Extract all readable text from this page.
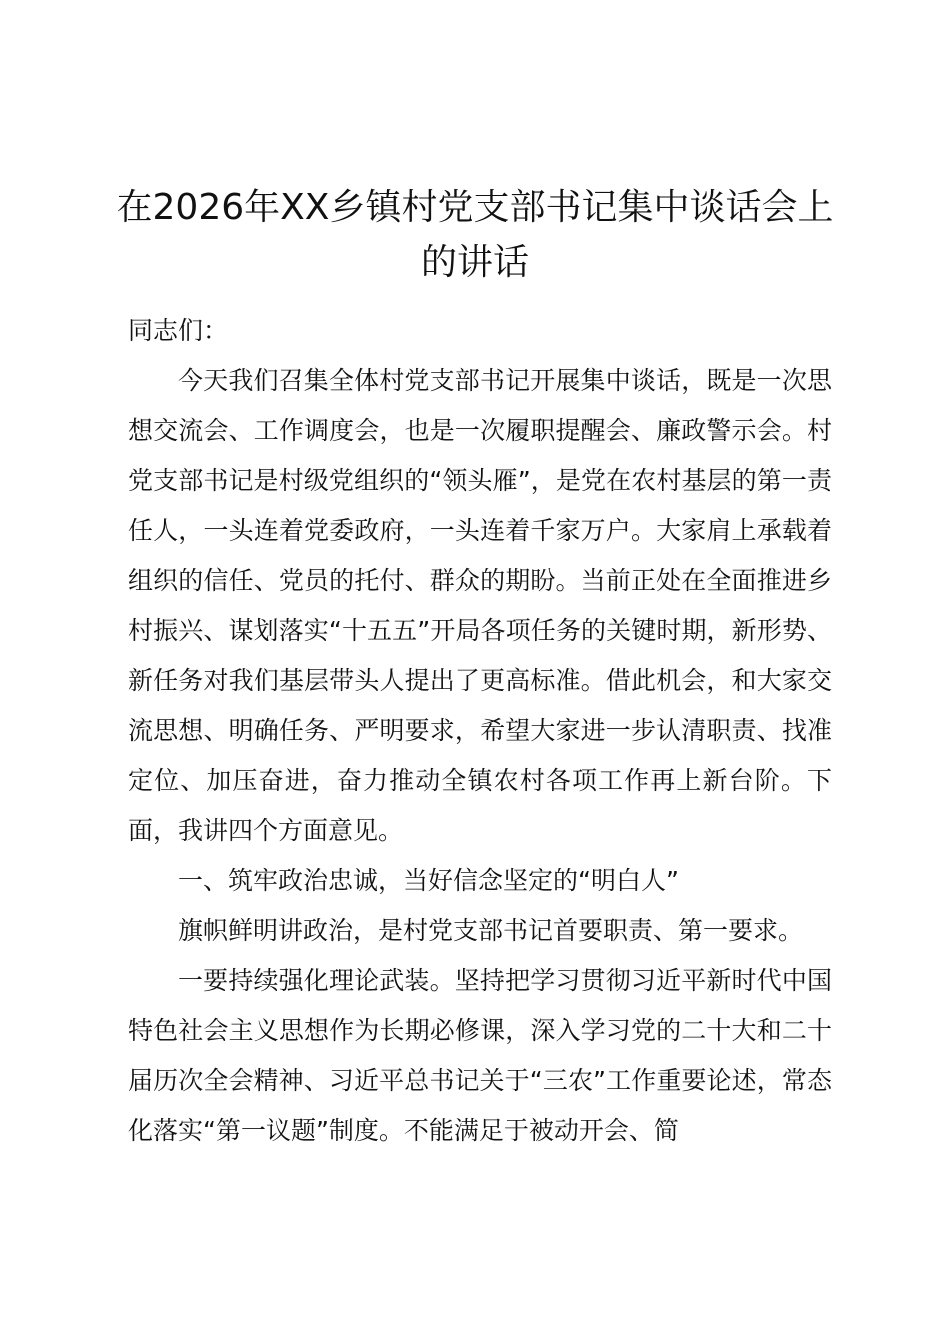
在2026年XX乡镇村党支部书记集中谈话会上的讲话

同志们：

今天我们召集全体村党支部书记开展集中谈话，既是一次思想交流会、工作调度会，也是一次履职提醒会、廉政警示会。村党支部书记是村级党组织的“领头雁”，是党在农村基层的第一责任人，一头连着党委政府，一头连着千家万户。大家肩上承载着组织的信任、党员的托付、群众的期盼。当前正处在全面推进乡村振兴、谋划落实“十五五”开局各项任务的关键时期，新形势、新任务对我们基层带头人提出了更高标准。借此机会，和大家交流思想、明确任务、严明要求，希望大家进一步认清职责、找准定位、加压奋进，奋力推动全镇农村各项工作再上新台阶。下面，我讲四个方面意见。

一、筑牢政治忠诚，当好信念坚定的“明白人”

旗帜鲜明讲政治，是村党支部书记首要职责、第一要求。

一要持续强化理论武装。坚持把学习贯彻习近平新时代中国特色社会主义思想作为长期必修课，深入学习党的二十大和二十届历次全会精神、习近平总书记关于“三农”工作重要论述，常态化落实“第一议题”制度。不能满足于被动开会、简
